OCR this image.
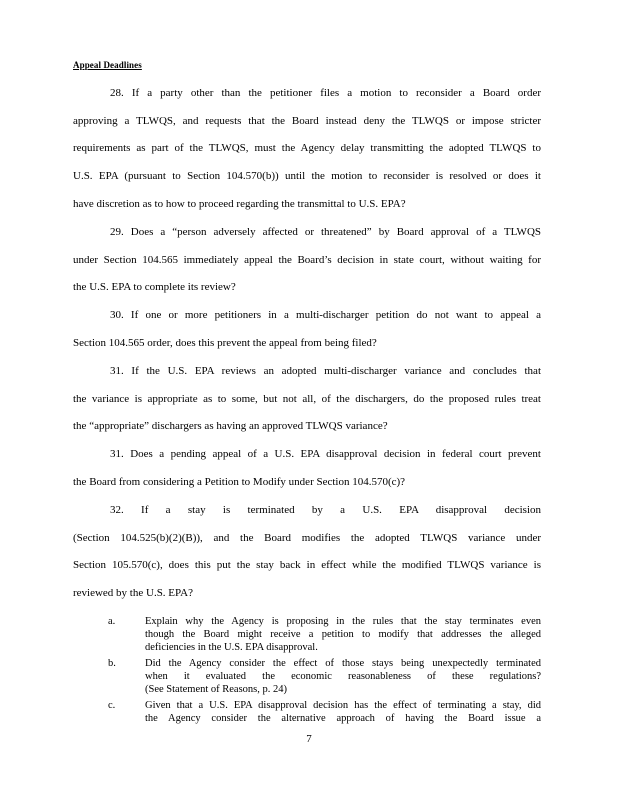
Appeal Deadlines
28. If a party other than the petitioner files a motion to reconsider a Board order
approving a TLWQS, and requests that the Board instead deny the TLWQS or impose stricter
requirements as part of the TLWQS, must the Agency delay transmitting the adopted TLWQS to
U.S. EPA (pursuant to Section 104.570(b)) until the motion to reconsider is resolved or does it
have discretion as to how to proceed regarding the transmittal to U.S. EPA?
29. Does a “person adversely affected or threatened” by Board approval of a TLWQS
under Section 104.565 immediately appeal the Board’s decision in state court, without waiting for
the U.S. EPA to complete its review?
30. If one or more petitioners in a multi-discharger petition do not want to appeal a
Section 104.565 order, does this prevent the appeal from being filed?
31. If the U.S. EPA reviews an adopted multi-discharger variance and concludes that
the variance is appropriate as to some, but not all, of the dischargers, do the proposed rules treat
the “appropriate” dischargers as having an approved TLWQS variance?
31. Does a pending appeal of a U.S. EPA disapproval decision in federal court prevent
the Board from considering a Petition to Modify under Section 104.570(c)?
32. If a stay is terminated by a U.S. EPA disapproval decision
(Section 104.525(b)(2)(B)), and the Board modifies the adopted TLWQS variance under
Section 105.570(c), does this put the stay back in effect while the modified TLWQS variance is
reviewed by the U.S. EPA?
a.	Explain why the Agency is proposing in the rules that the stay terminates even
though the Board might receive a petition to modify that addresses the alleged
deficiencies in the U.S. EPA disapproval.
b.	Did the Agency consider the effect of those stays being unexpectedly terminated
when it evaluated the economic reasonableness of these regulations?
(See Statement of Reasons, p. 24)
c.	Given that a U.S. EPA disapproval decision has the effect of terminating a stay, did
the Agency consider the alternative approach of having the Board issue a
7
